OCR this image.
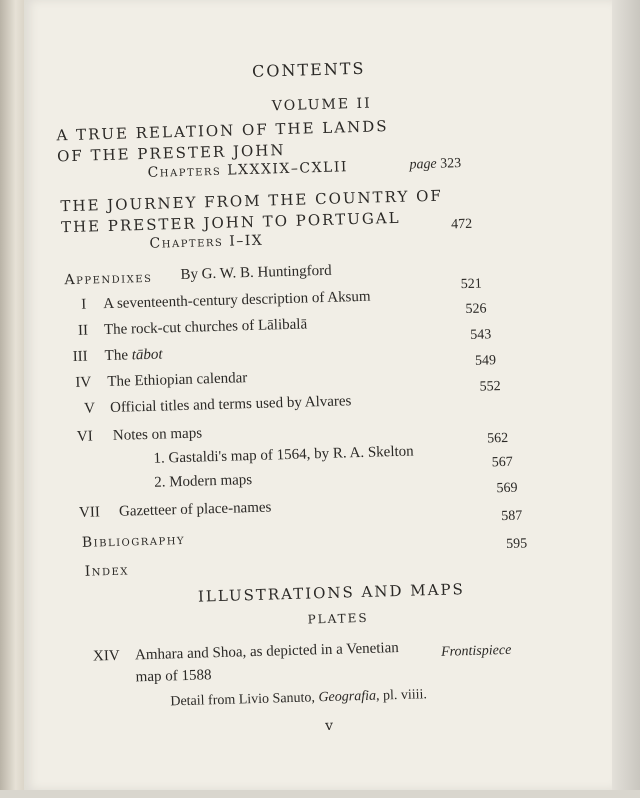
CONTENTS
VOLUME II
A TRUE RELATION OF THE LANDS
OF THE PRESTER JOHN
Chapters LXXXIX–CXLII	page 323
THE JOURNEY FROM THE COUNTRY OF
THE PRESTER JOHN TO PORTUGAL
Chapters I–IX
472
Appendixes By G. W. B. Huntingford
I A seventeenth-century description of Aksum
521
II The rock-cut churches of Lālibalā
526
III The tābot
543
IV The Ethiopian calendar
549
V Official titles and terms used by Alvares
552
VI Notes on maps
1. Gastaldi's map of 1564, by R. A. Skelton
562
2. Modern maps
567
VII Gazetteer of place-names
569
Bibliography
587
Index
595
ILLUSTRATIONS AND MAPS
PLATES
XIV Amhara and Shoa, as depicted in a Venetian
map of 1588
Frontispiece
Detail from Livio Sanuto, Geografia, pl. viiii.
v
